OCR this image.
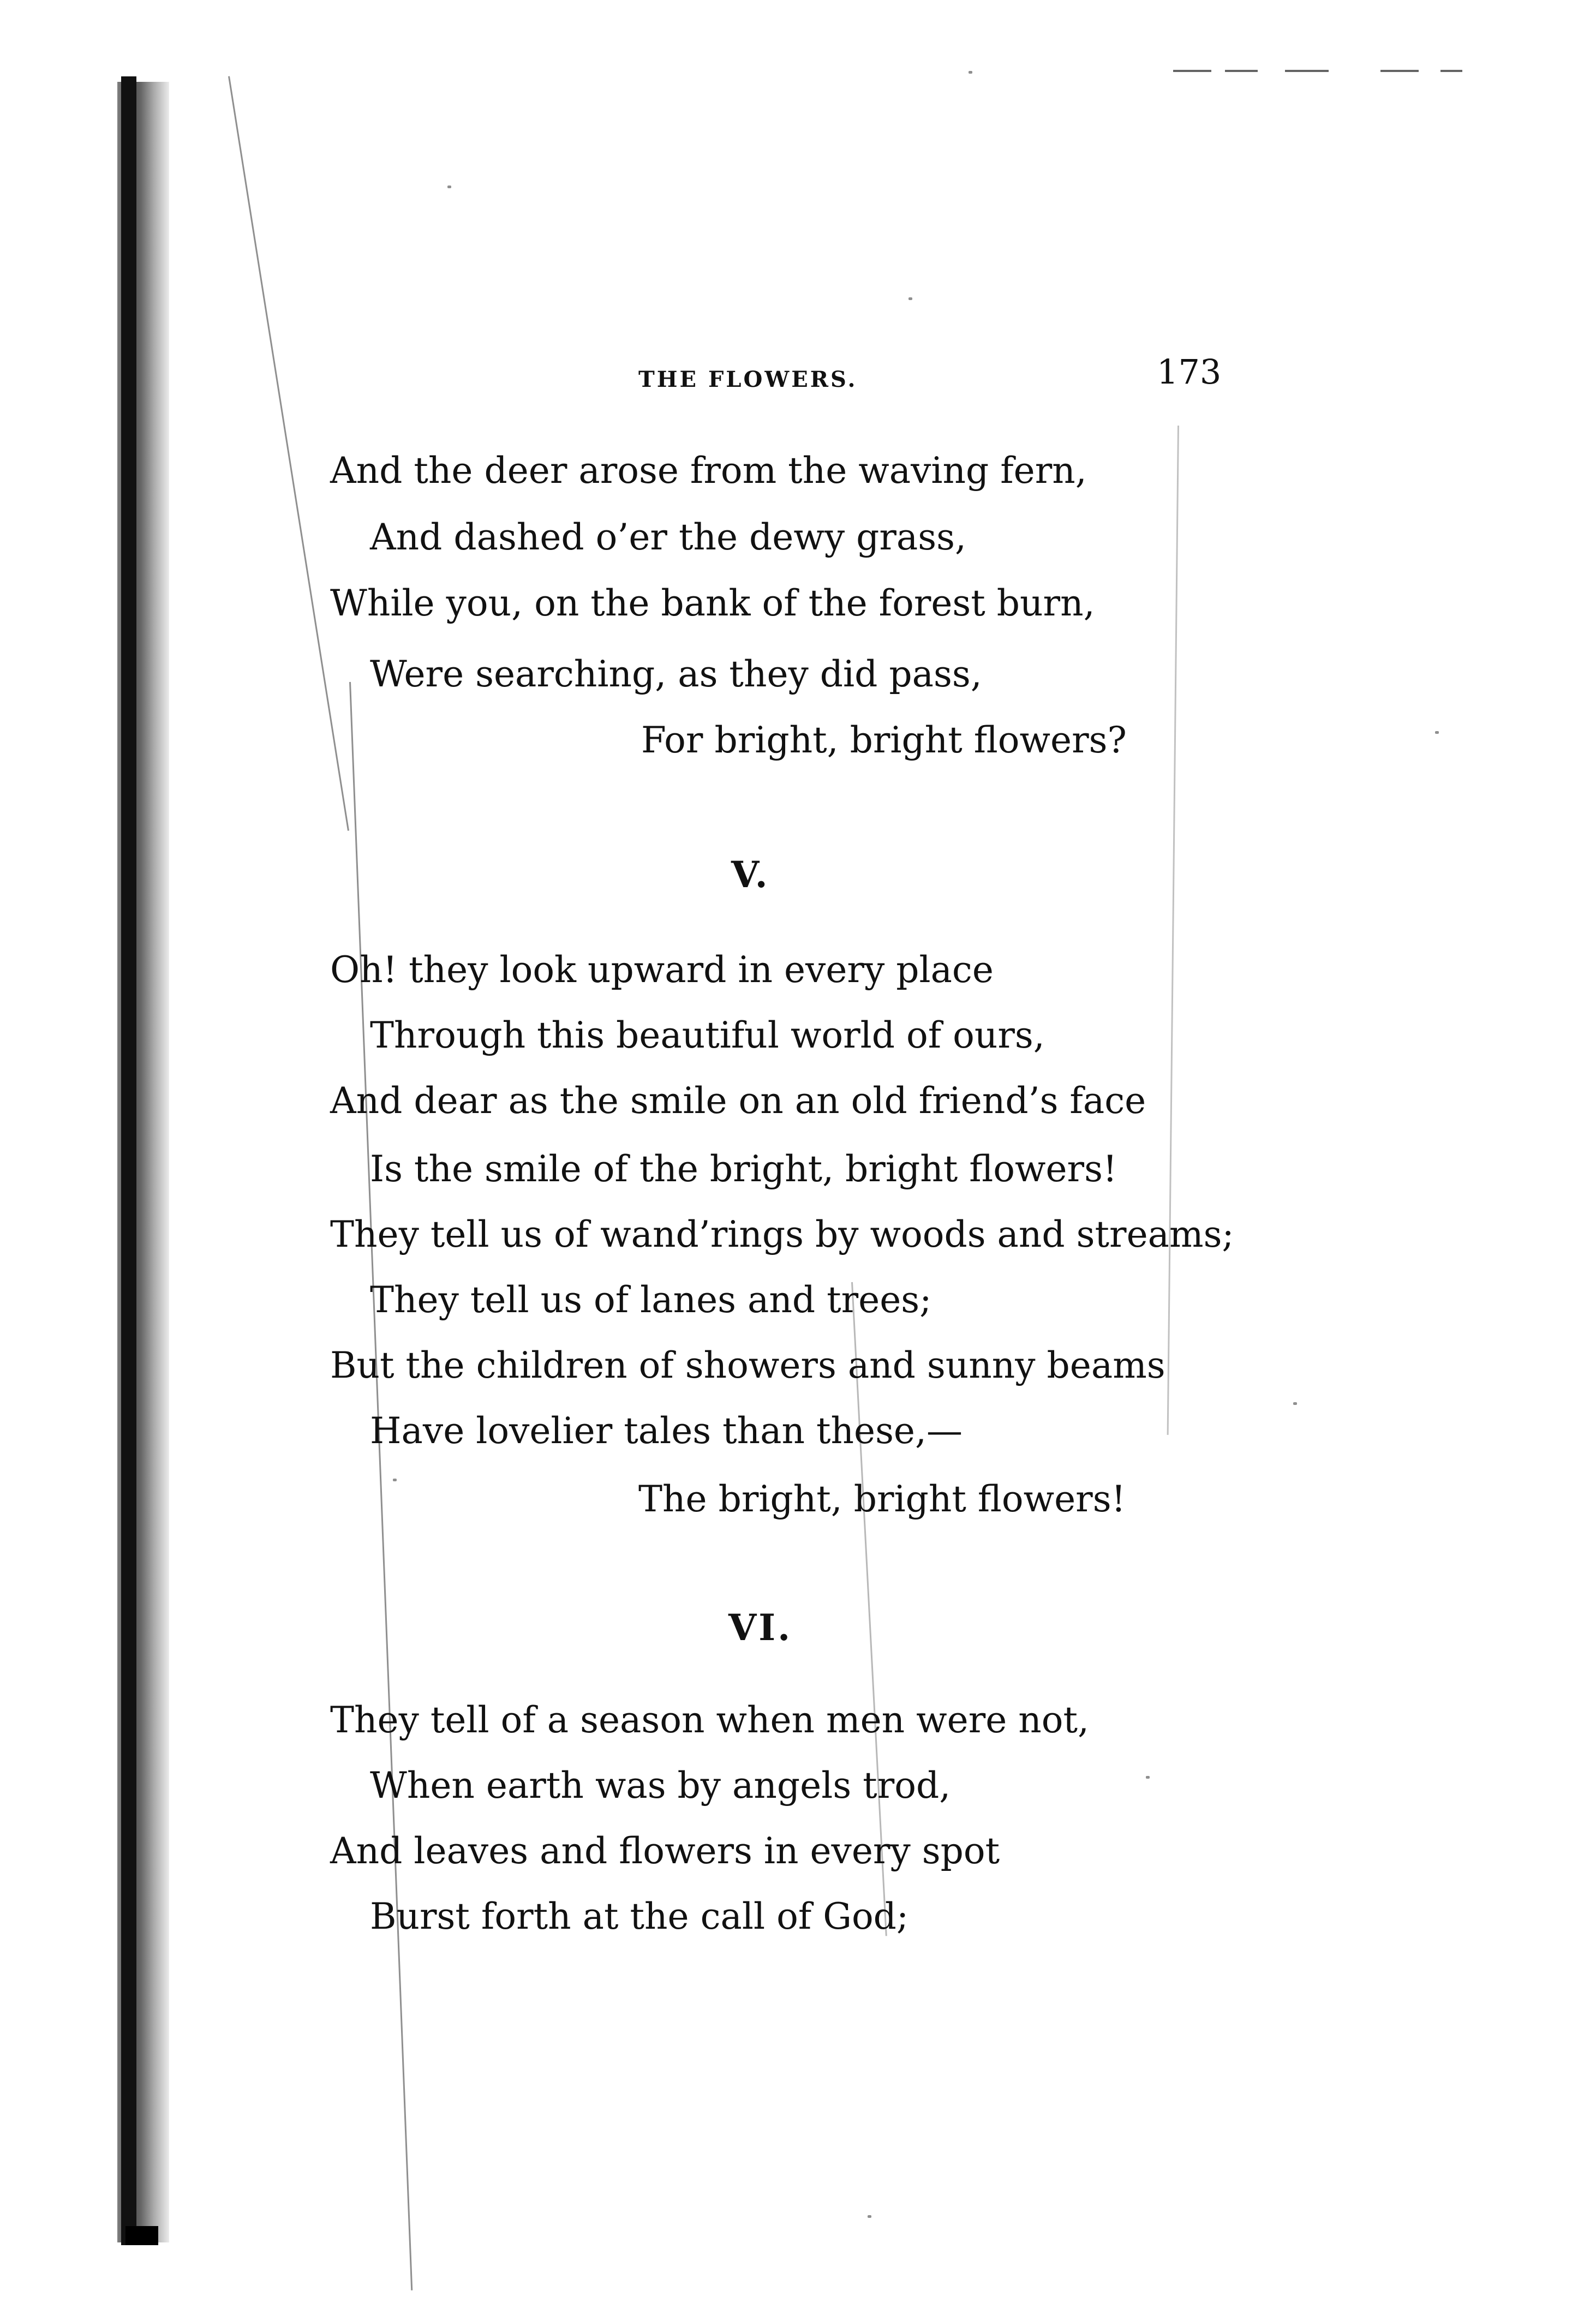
THE FLOWERS.	173
And the deer arose from the waving fern,
And dashed o’er the dewy grass,
While you, on the bank of the forest burn,
Were searching, as they did pass,
For bright, bright flowers?
V.
Oh! they look upward in every place
Through this beautiful world of ours,
And dear as the smile on an old friend’s face
Is the smile of the bright, bright flowers!
They tell us of wand’rings by woods and streams;
They tell us of lanes and trees;
But the children of showers and sunny beams
Have lovelier tales than these,—
The bright, bright flowers!
VI.
They tell of a season when men were not,
When earth was by angels trod,
And leaves and flowers in every spot
Burst forth at the call of God;
